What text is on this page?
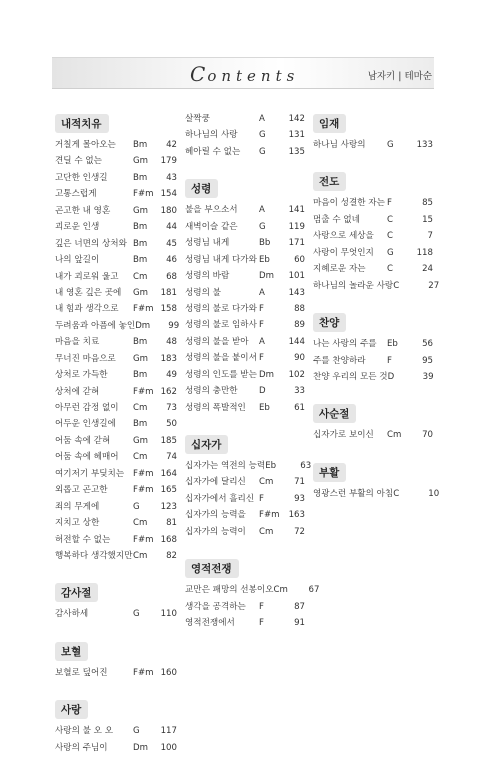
Contents	남자키 | 테마순
내적치유
거칠게 몰아오는	Bm	42
견딜 수 없는	Gm	179
고단한 인생길	Bm	43
고통스럽게	F#m 154
곤고한 내 영혼	Gm	180
괴로운 인생	Bm	44
깊은 너면의 상처와 Bm	45
나의 앞길이	Bm	46
내가 괴로워 울고	Cm	68
내 영혼 깊은 곳에	Gm	181
내 힘과 생각으로	F#m 158
두려움과 아픔에 놓인 Dm	99
마음을 치료	Bm	48
무너진 마음으로	Gm	183
상처로 가득한	Bm	49
상처에 갇혀	F#m 162
아무런 감정 없이	Cm	73
어두운 인생길에	Bm	50
어둠 속에 갇혀	Gm	185
어둠 속에 헤매어	Cm	74
여기저기 부딪치는	F#m 164
외롭고 곤고한	F#m 165
죄의 무게에	G	123
지치고 상한	Cm	81
허전할 수 없는	F#m 168
행복하다 생각했지만 Cm	82
감사절
감사하세	G	110
보혈
보혈로 덮어진	F#m 160
사랑
사랑의 불 오 오	G	117
사랑의 주님이	Dm	100
살짝쿵	A	142
하나님의 사랑	G	131
헤아릴 수 없는	G	135
성령
불을 부으소서	A	141
새벽이슬 같은	G	119
성령님 내게	Bb	171
성령님 내게 다가와 Eb	60
성령의 바람	Dm	101
성령의 불	A	143
성령의 불로 다가와 F	88
성령의 불로 임하사 F	89
성령의 불을 받아	A	144
성령의 불을 붙이셔 F	90
성령의 인도를 받는 Dm	102
성령의 충만한	D	33
성령의 폭발적인	Eb	61
십자가
십자가는 역전의 능력 Eb	63
십자가에 달리신	Cm	71
십자가에서 흘리신 F	93
십자가의 능력을	F#m	163
십자가의 능력이	Cm	72
영적전쟁
교만은 패망의 선봉이오 Cm	67
생각을 공격하는	F	87
영적전쟁에서	F	91
임재
하나님 사랑의	G	133
전도
마음이 성결한 자는 F	85
멈출 수 없네	C	15
사랑으로 세상을	C	7
사랑이 무엇인지	G	118
지혜로운 자는	C	24
하나님의 놀라운 사랑 C	27
찬양
나는 사랑의 주를	Eb	56
주를 찬양하라	F	95
찬양 우리의 모든 것 D	39
사순절
십자가로 보이신	Cm	70
부활
영광스런 부활의 아침 C	10
